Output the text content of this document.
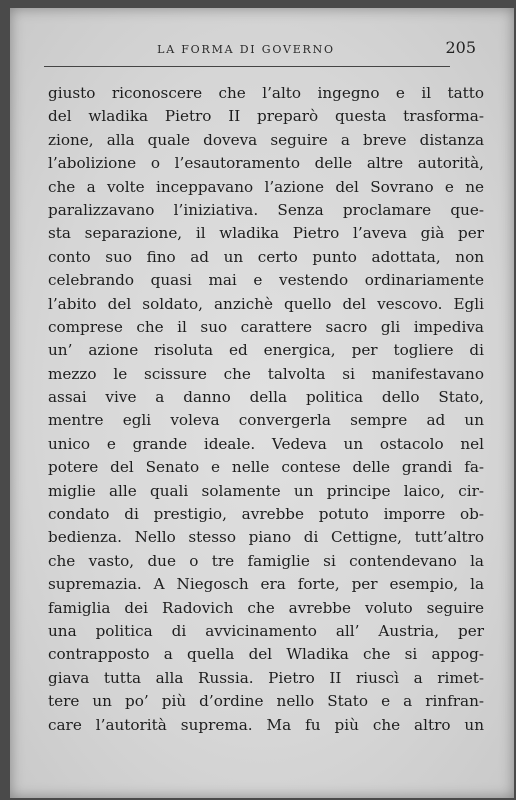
LA FORMA DI GOVERNO	205
giusto riconoscere che l’alto ingegno e il tatto
del wladika Pietro II preparò questa trasforma-
zione, alla quale doveva seguire a breve distanza
l’abolizione o l’esautoramento delle altre autorità,
che a volte inceppavano l’azione del Sovrano e ne
paralizzavano l’iniziativa. Senza proclamare que-
sta separazione, il wladika Pietro l’aveva già per
conto suo fino ad un certo punto adottata, non
celebrando quasi mai e vestendo ordinariamente
l’abito del soldato, anzichè quello del vescovo. Egli
comprese che il suo carattere sacro gli impediva
un’ azione risoluta ed energica, per togliere di
mezzo le scissure che talvolta si manifestavano
assai vive a danno della politica dello Stato,
mentre egli voleva convergerla sempre ad un
unico e grande ideale. Vedeva un ostacolo nel
potere del Senato e nelle contese delle grandi fa-
miglie alle quali solamente un principe laico, cir-
condato di prestigio, avrebbe potuto imporre ob-
bedienza. Nello stesso piano di Cettigne, tutt’altro
che vasto, due o tre famiglie si contendevano la
supremazia. A Niegosch era forte, per esempio, la
famiglia dei Radovich che avrebbe voluto seguire
una politica di avvicinamento all’ Austria, per
contrapposto a quella del Wladika che si appog-
giava tutta alla Russia. Pietro II riuscì a rimet-
tere un po’ più d’ordine nello Stato e a rinfran-
care l’autorità suprema. Ma fu più che altro un
